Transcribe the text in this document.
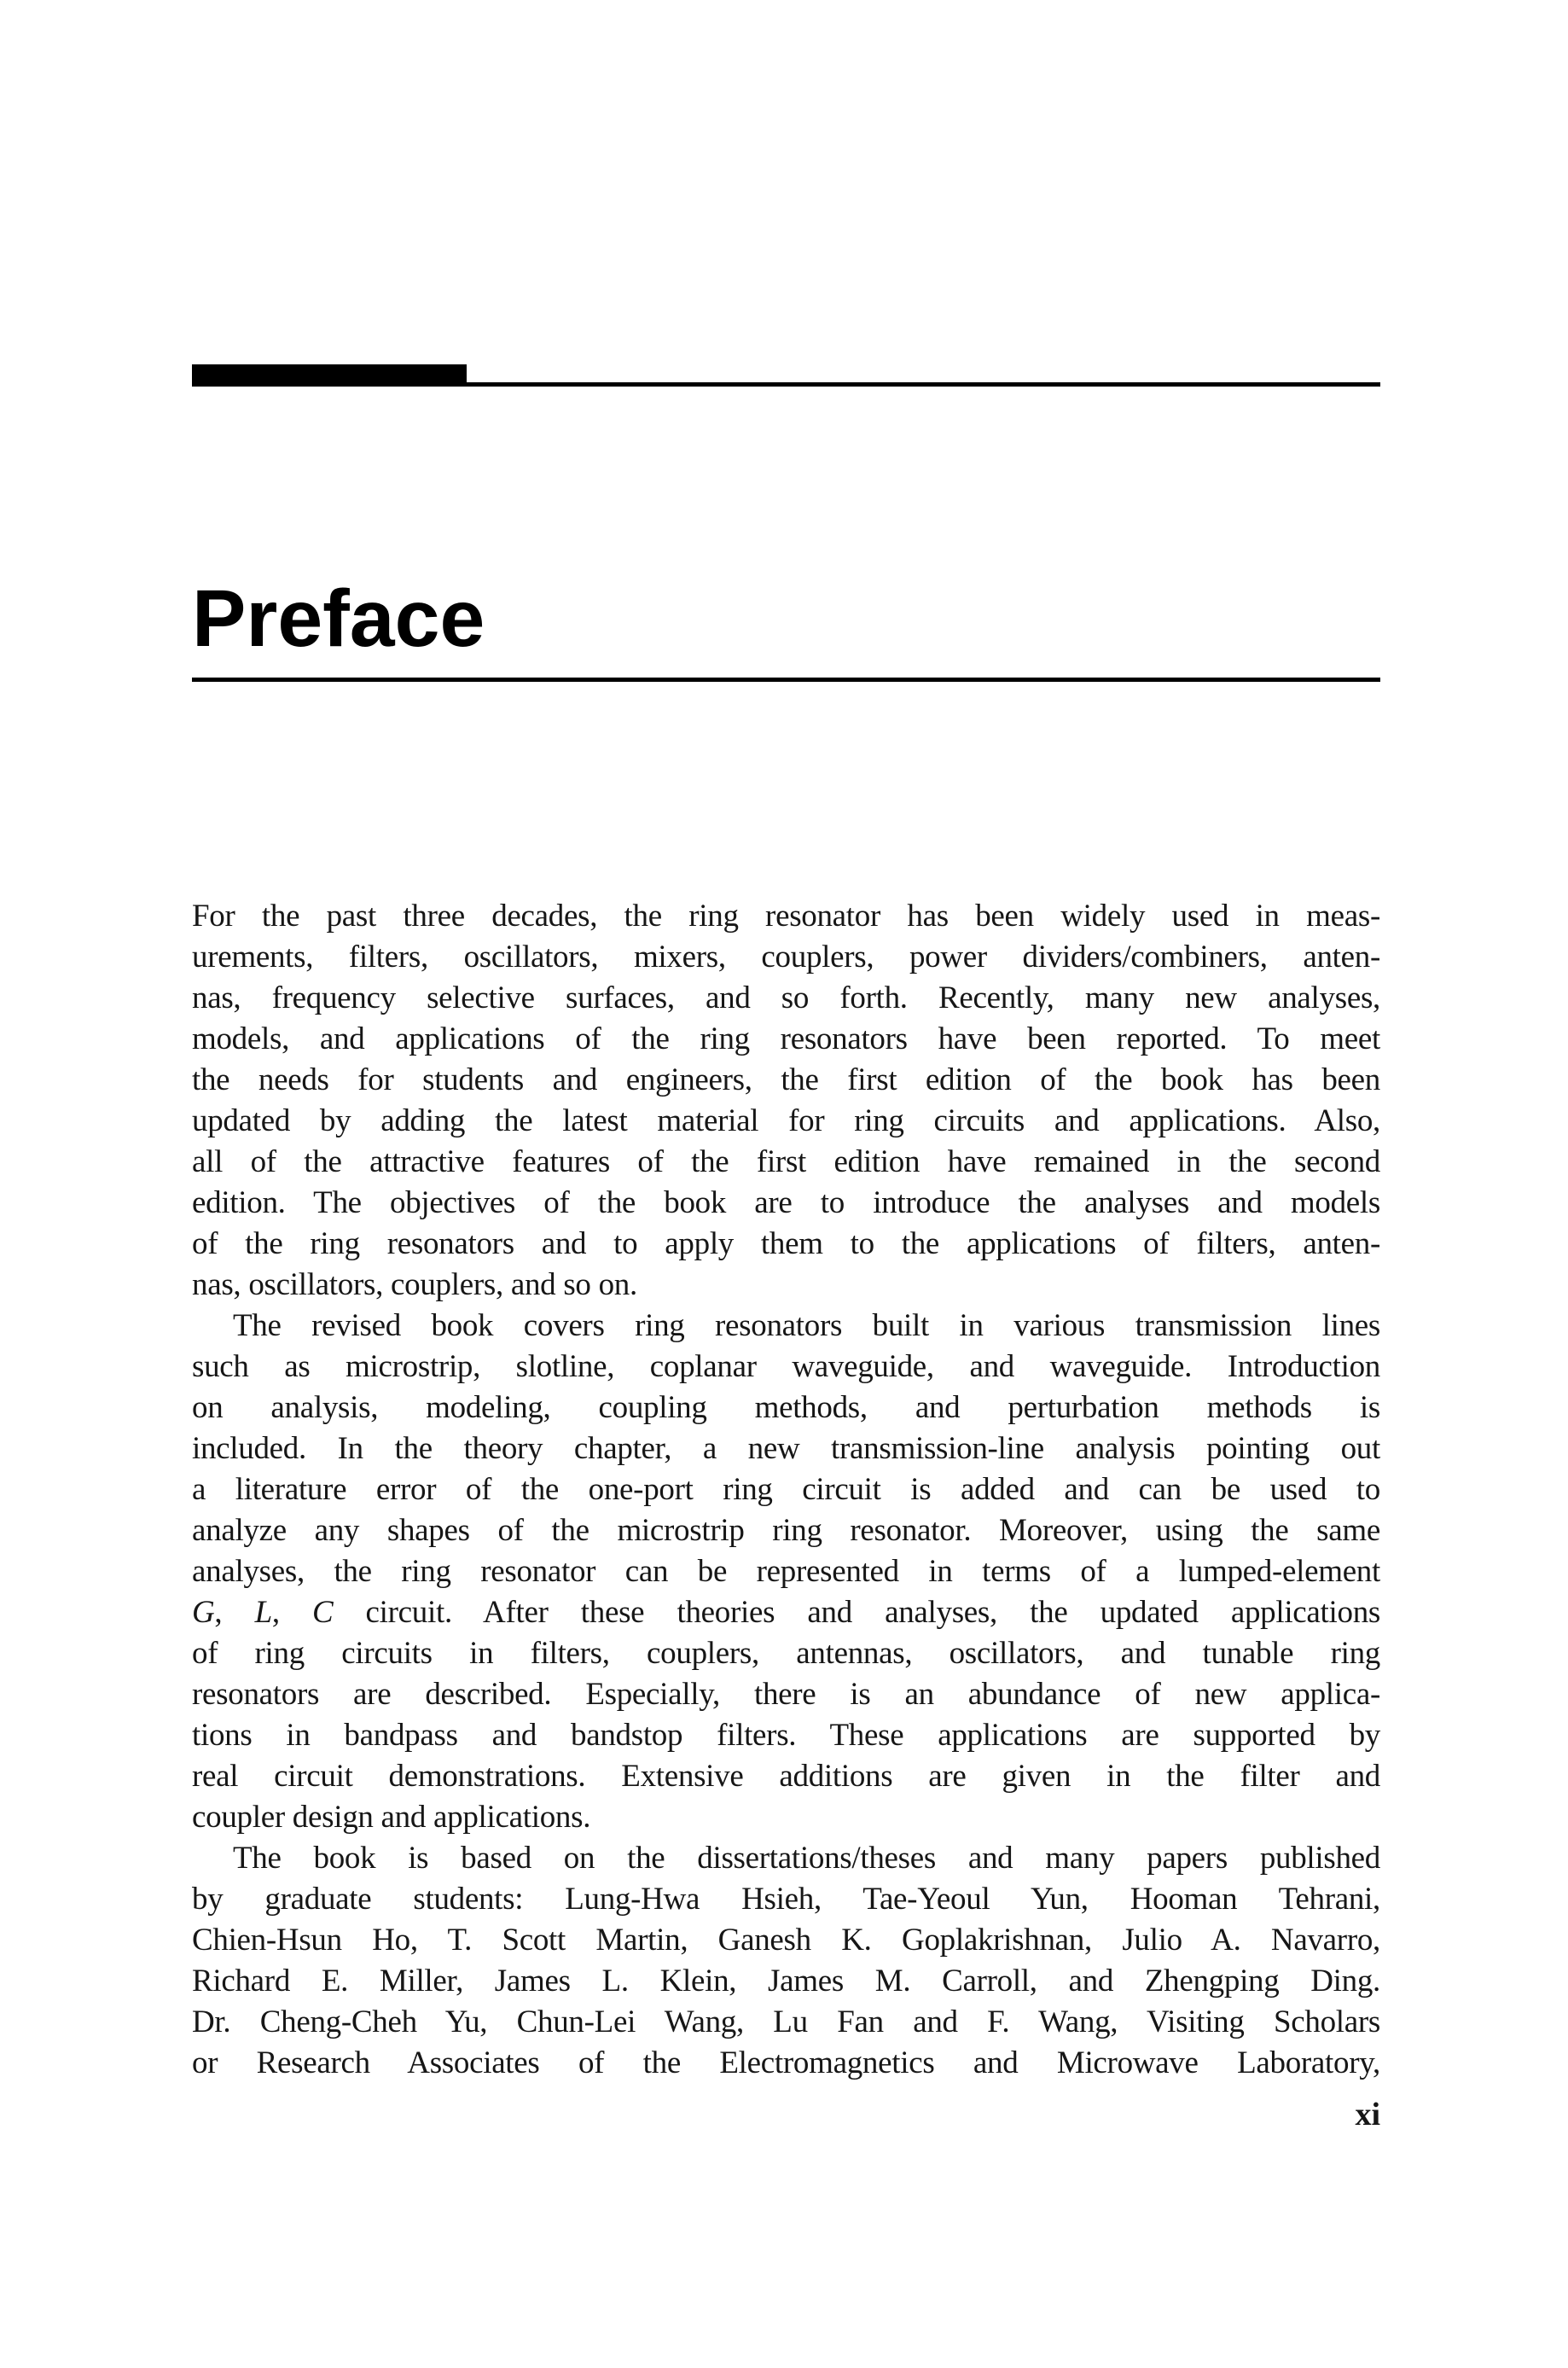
Preface
For the past three decades, the ring resonator has been widely used in meas-
urements, filters, oscillators, mixers, couplers, power dividers/combiners, anten-
nas, frequency selective surfaces, and so forth. Recently, many new analyses,
models, and applications of the ring resonators have been reported. To meet
the needs for students and engineers, the first edition of the book has been
updated by adding the latest material for ring circuits and applications. Also,
all of the attractive features of the first edition have remained in the second
edition. The objectives of the book are to introduce the analyses and models
of the ring resonators and to apply them to the applications of filters, anten-
nas, oscillators, couplers, and so on.
The revised book covers ring resonators built in various transmission lines
such as microstrip, slotline, coplanar waveguide, and waveguide. Introduction
on analysis, modeling, coupling methods, and perturbation methods is
included. In the theory chapter, a new transmission-line analysis pointing out
a literature error of the one-port ring circuit is added and can be used to
analyze any shapes of the microstrip ring resonator. Moreover, using the same
analyses, the ring resonator can be represented in terms of a lumped-element
G, L, C circuit. After these theories and analyses, the updated applications
of ring circuits in filters, couplers, antennas, oscillators, and tunable ring
resonators are described. Especially, there is an abundance of new applica-
tions in bandpass and bandstop filters. These applications are supported by
real circuit demonstrations. Extensive additions are given in the filter and
coupler design and applications.
The book is based on the dissertations/theses and many papers published
by graduate students: Lung-Hwa Hsieh, Tae-Yeoul Yun, Hooman Tehrani,
Chien-Hsun Ho, T. Scott Martin, Ganesh K. Goplakrishnan, Julio A. Navarro,
Richard E. Miller, James L. Klein, James M. Carroll, and Zhengping Ding.
Dr. Cheng-Cheh Yu, Chun-Lei Wang, Lu Fan and F. Wang, Visiting Scholars
or Research Associates of the Electromagnetics and Microwave Laboratory,
xi
